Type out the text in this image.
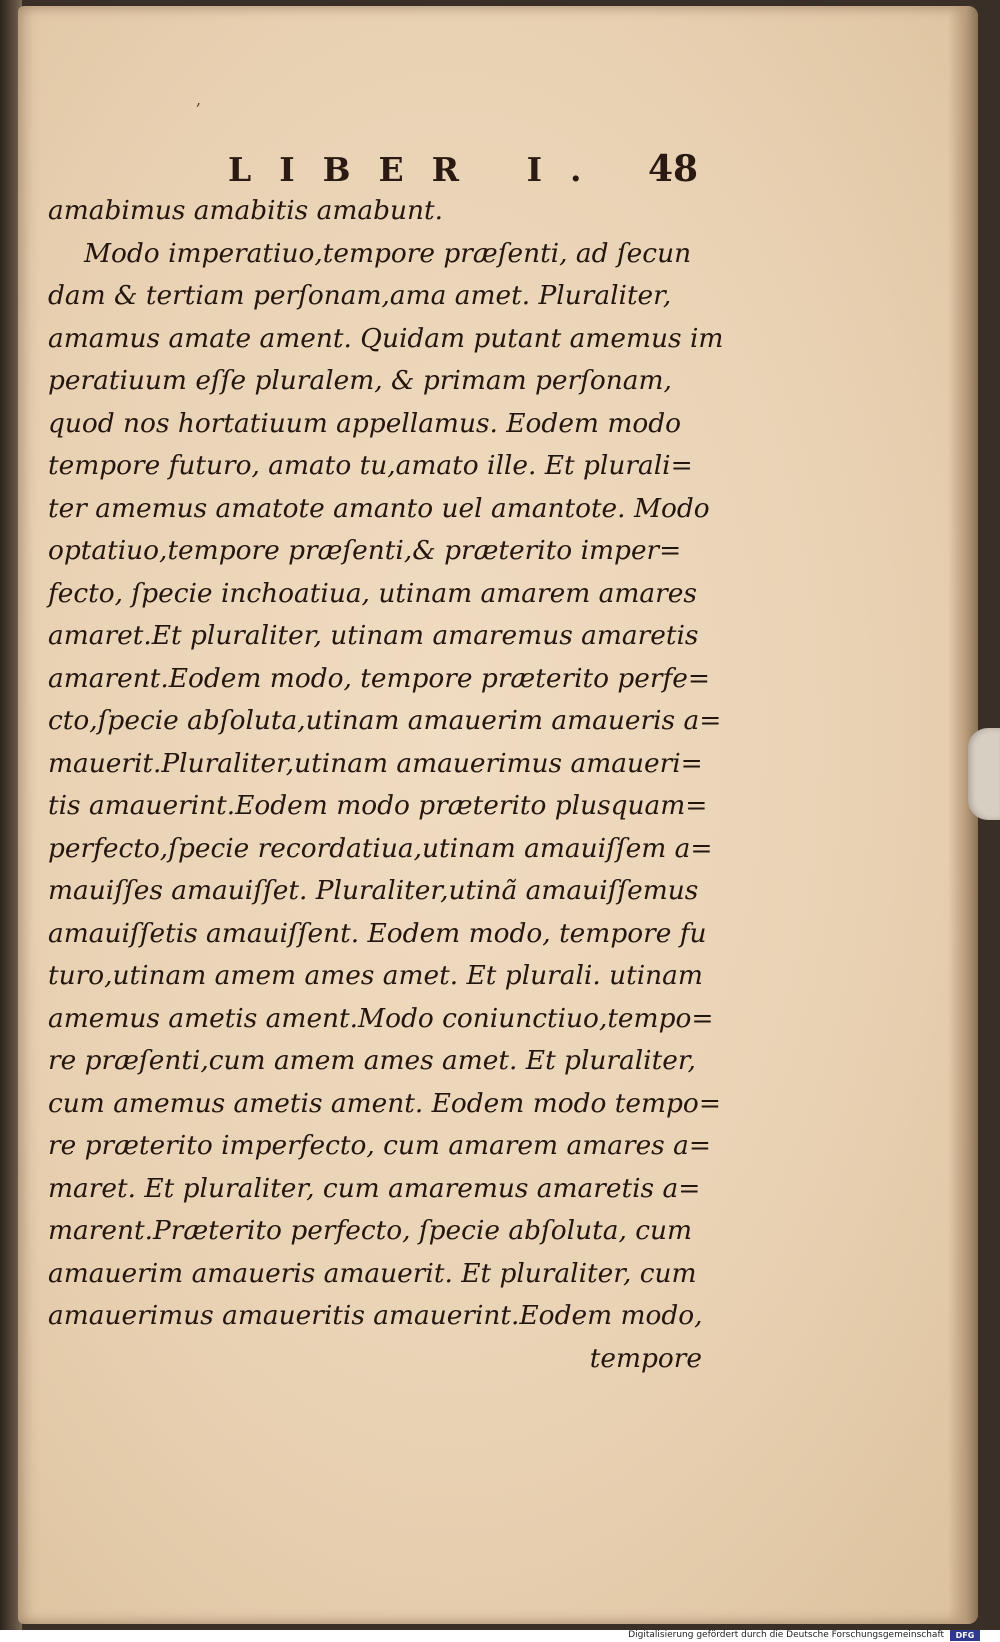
,
LIBER I. 48
amabimus amabitis amabunt.
Modo imperatiuo,tempore præſenti, ad ſecun
dam & tertiam perſonam,ama amet. Pluraliter,
amamus amate ament. Quidam putant amemus im
peratiuum eſſe pluralem, & primam perſonam,
quod nos hortatiuum appellamus. Eodem modo
tempore futuro, amato tu,amato ille. Et plurali=
ter amemus amatote amanto uel amantote. Modo
optatiuo,tempore præſenti,& præterito imper=
fecto, ſpecie inchoatiua, utinam amarem amares
amaret.Et pluraliter, utinam amaremus amaretis
amarent.Eodem modo, tempore præterito perfe=
cto,ſpecie abſoluta,utinam amauerim amaueris a=
mauerit.Pluraliter,utinam amauerimus amaueri=
tis amauerint.Eodem modo præterito plusquam=
perfecto,ſpecie recordatiua,utinam amauiſſem a=
mauiſſes amauiſſet. Pluraliter,utinã amauiſſemus
amauiſſetis amauiſſent. Eodem modo, tempore fu
turo,utinam amem ames amet. Et plurali. utinam
amemus ametis ament.Modo coniunctiuo,tempo=
re præſenti,cum amem ames amet. Et pluraliter,
cum amemus ametis ament. Eodem modo tempo=
re præterito imperfecto, cum amarem amares a=
maret. Et pluraliter, cum amaremus amaretis a=
marent.Præterito perfecto, ſpecie abſoluta, cum
amauerim amaueris amauerit. Et pluraliter, cum
amauerimus amaueritis amauerint.Eodem modo,
tempore
Digitalisierung gefördert durch die Deutsche Forschungsgemeinschaft	DFG
